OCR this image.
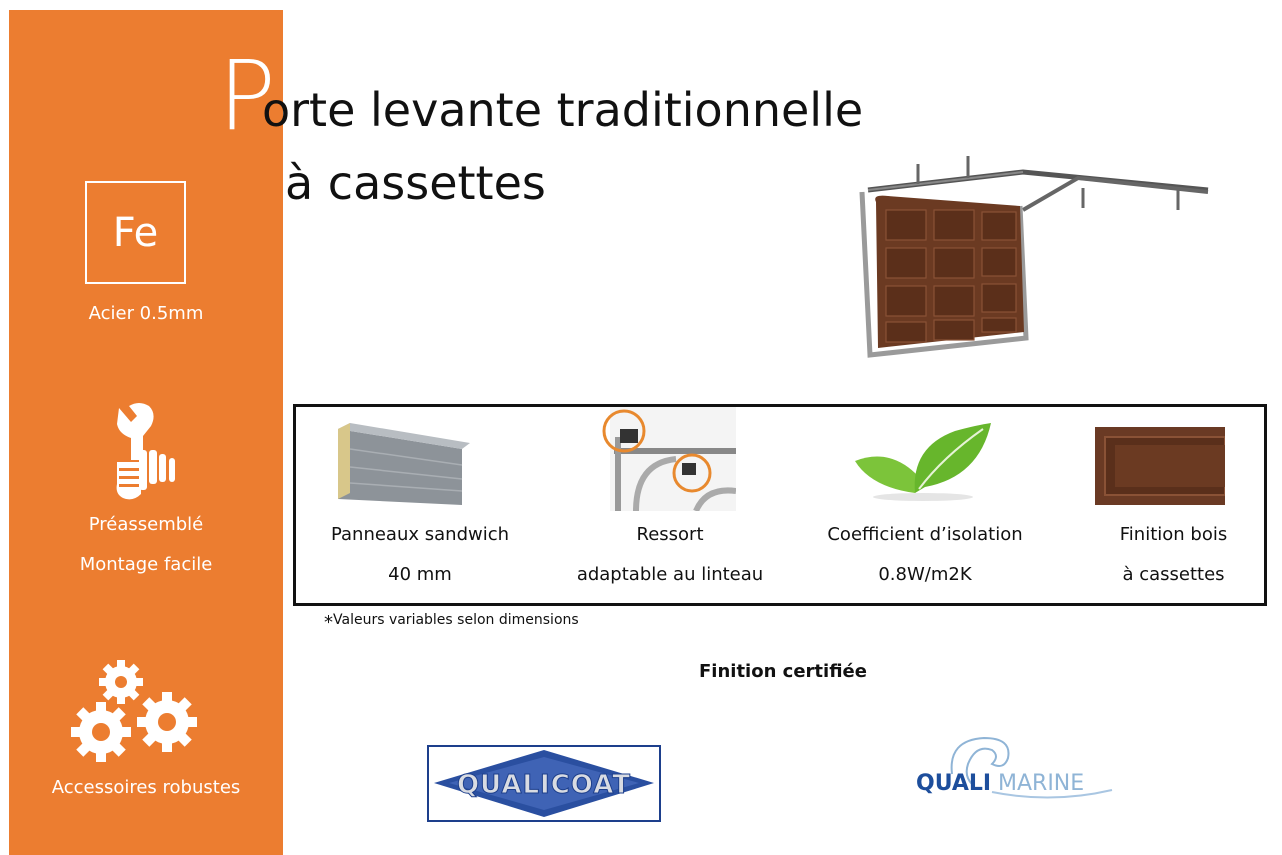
Fe
Acier 0.5mm
Préassemblé
Montage facile
Accessoires robustes
P
orte levante traditionnelle
à cassettes
Panneaux sandwich
40 mm
Ressort
adaptable au linteau
Coefficient d’isolation
0.8W/m2K
Finition bois
à cassettes
*Valeurs variables selon dimensions
Finition certifiée
QUALICOAT	QUALI MARINE
